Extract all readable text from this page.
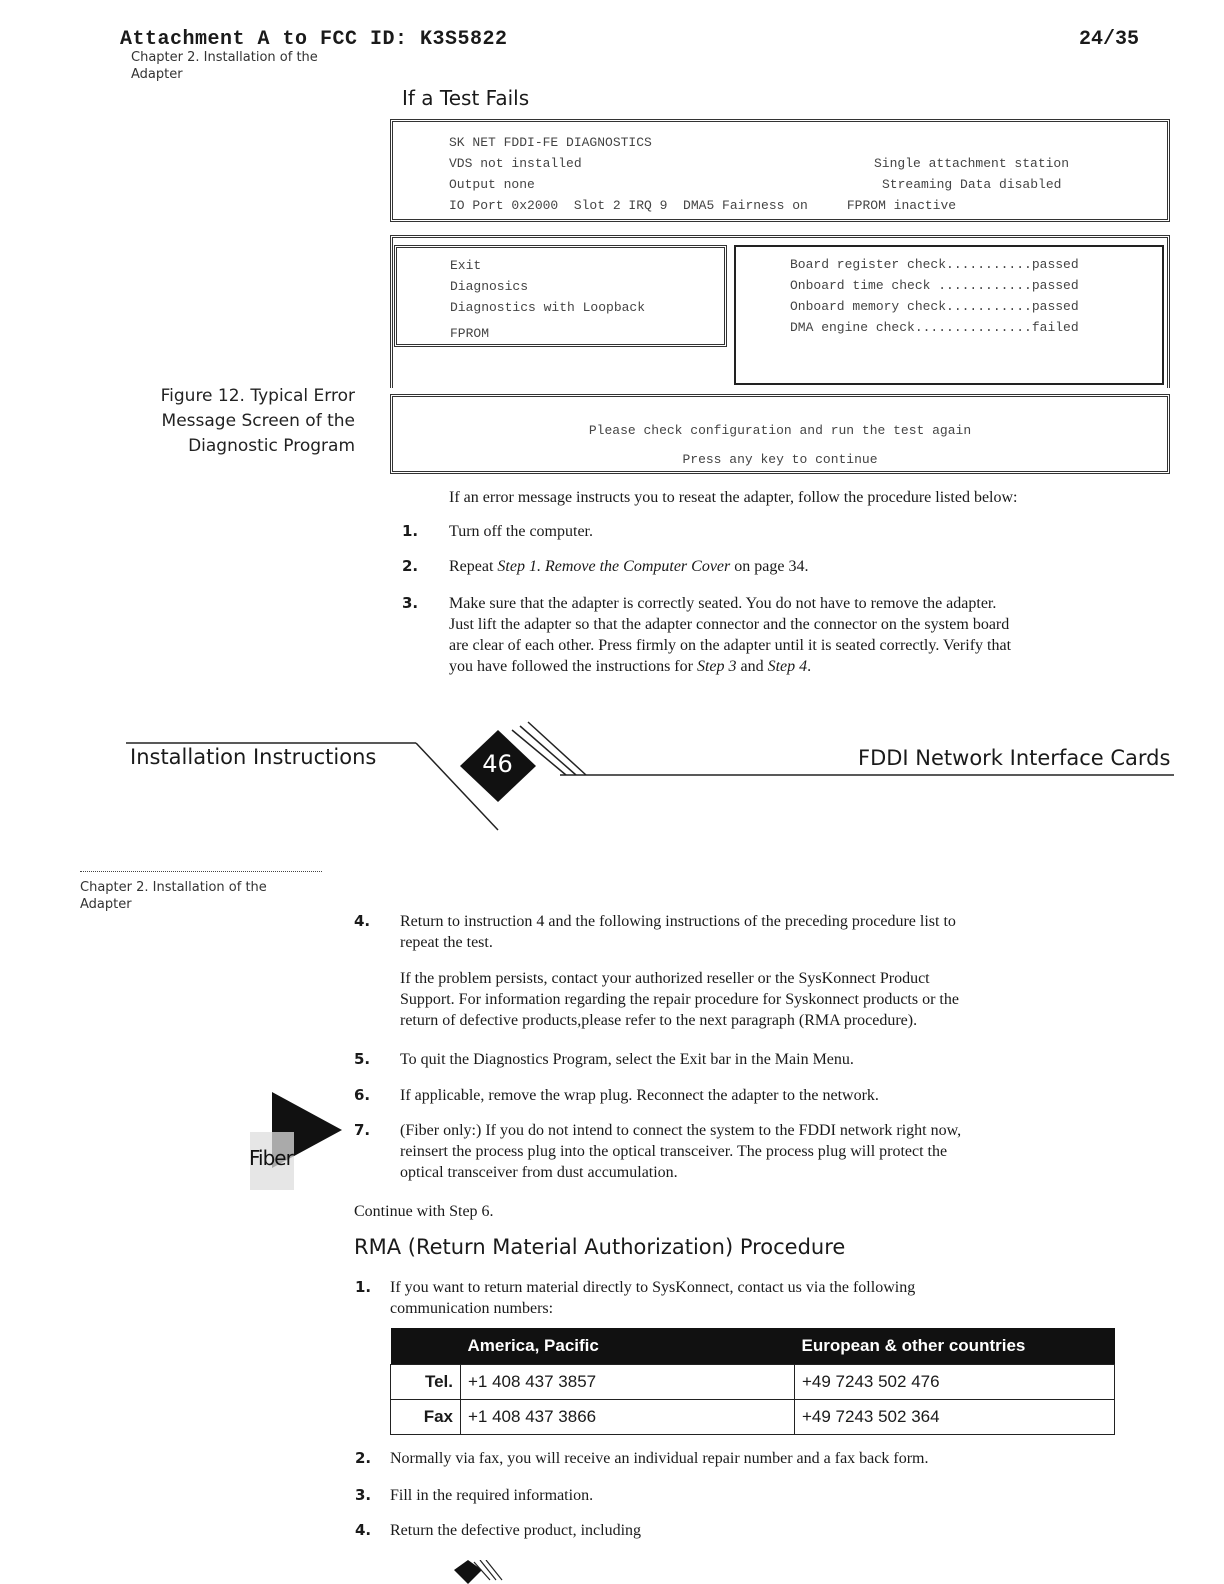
Attachment A to FCC ID: K3S5822	24/35
Chapter 2. Installation of the
Adapter
If a Test Fails
SK NET FDDI-FE DIAGNOSTICS
VDS not installed	Single attachment station
Output none	Streaming Data disabled
IO Port 0x2000  Slot 2 IRQ 9  DMA5 Fairness on     FPROM inactive
Exit
Diagnosics
Diagnostics with Loopback
FPROM
Board register check...........passed
Onboard time check ............passed
Onboard memory check...........passed
DMA engine check...............failed
Please check configuration and run the test again
Press any key to continue
Figure 12. Typical Error
Message Screen of the
Diagnostic Program
If an error message instructs you to reseat the adapter, follow the procedure listed below:
1. Turn off the computer.
2. Repeat Step 1. Remove the Computer Cover on page 34.
3. Make sure that the adapter is correctly seated. You do not have to remove the adapter.
Just lift the adapter so that the adapter connector and the connector on the system board
are clear of each other. Press firmly on the adapter until it is seated correctly. Verify that
you have followed the instructions for Step 3 and Step 4.
Installation Instructions	FDDI Network Interface Cards
46
Chapter 2. Installation of the
Adapter
4. Return to instruction 4 and the following instructions of the preceding procedure list to
repeat the test.
If the problem persists, contact your authorized reseller or the SysKonnect Product
Support. For information regarding the repair procedure for Syskonnect products or the
return of defective products,please refer to the next paragraph (RMA procedure).
5. To quit the Diagnostics Program, select the Exit bar in the Main Menu.
6. If applicable, remove the wrap plug. Reconnect the adapter to the network.
Fiber
7. (Fiber only:) If you do not intend to connect the system to the FDDI network right now,
reinsert the process plug into the optical transceiver. The process plug will protect the
optical transceiver from dust accumulation.
Continue with Step 6.
RMA (Return Material Authorization) Procedure
1. If you want to return material directly to SysKonnect, contact us via the following
communication numbers:
	America, Pacific	European & other countries
Tel.	+1 408 437 3857	+49 7243 502 476
Fax	+1 408 437 3866	+49 7243 502 364
2. Normally via fax, you will receive an individual repair number and a fax back form.
3. Fill in the required information.
4. Return the defective product, including
